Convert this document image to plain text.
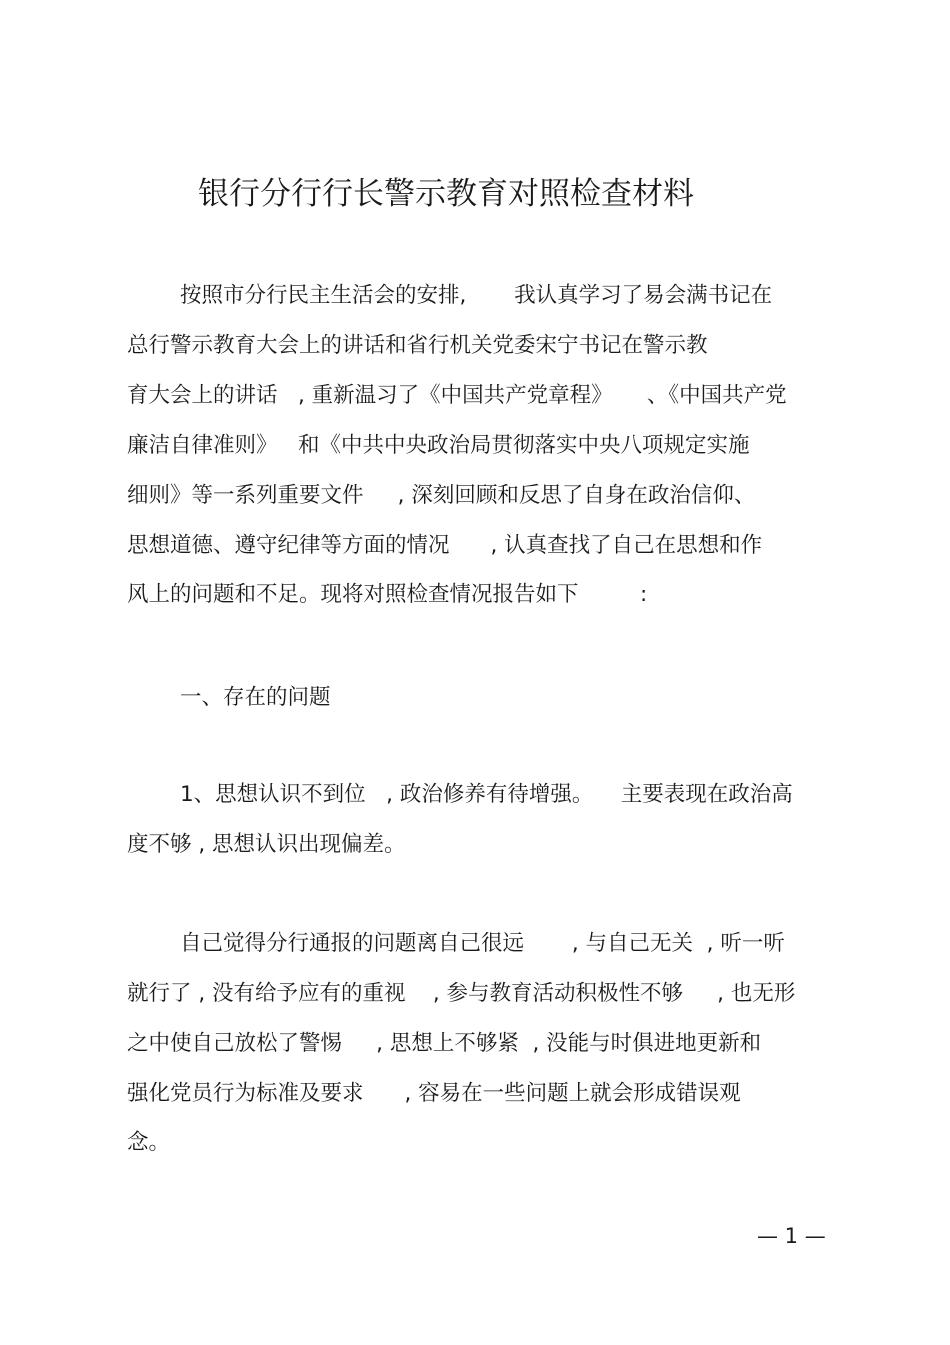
银行分行行长警示教育对照检查材料
按照市分行民主生活会的安排,       我认真学习了易会满书记在
总行警示教育大会上的讲话和省行机关党委宋宁书记在警示教
育大会上的讲话   , 重新温习了《中国共产党章程》     、《中国共产党
廉洁自律准则》   和《中共中央政治局贯彻落实中央八项规定实施
细则》等一系列重要文件     , 深刻回顾和反思了自身在政治信仰、
思想道德、遵守纪律等方面的情况      , 认真查找了自己在思想和作
风上的问题和不足。现将对照检查情况报告如下         :
一、存在的问题
1、思想认识不到位   , 政治修养有待增强。    主要表现在政治高
度不够 , 思想认识出现偏差。
自己觉得分行通报的问题离自己很远       , 与自己无关  , 听一听
就行了 , 没有给予应有的重视    , 参与教育活动积极性不够     , 也无形
之中使自己放松了警惕     , 思想上不够紧  , 没能与时俱进地更新和
强化党员行为标准及要求      , 容易在一些问题上就会形成错误观
念。
— 1 —
